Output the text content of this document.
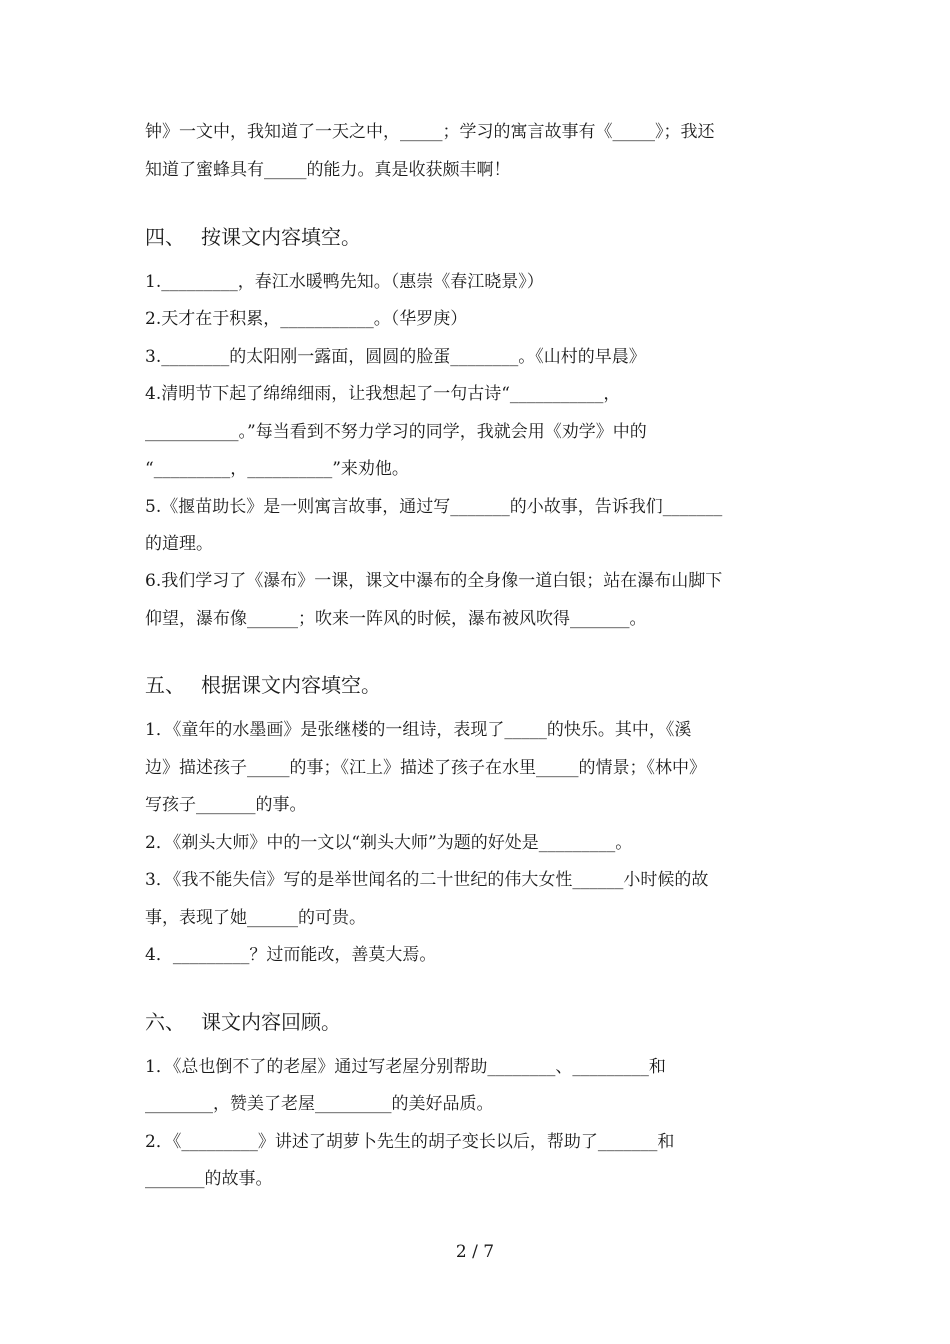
钟》一文中，我知道了一天之中，_____；学习的寓言故事有《_____》；我还
知道了蜜蜂具有_____的能力。真是收获颇丰啊！
四、 按课文内容填空。
1._________，春江水暖鸭先知。（惠崇《春江晓景》）
2.天才在于积累，___________。（华罗庚）
3.________的太阳刚一露面，圆圆的脸蛋________。《山村的早晨》
4.清明节下起了绵绵细雨，让我想起了一句古诗“___________，
___________。”每当看到不努力学习的同学，我就会用《劝学》中的
“_________，__________”来劝他。
5.《揠苗助长》是一则寓言故事，通过写_______的小故事，告诉我们_______
的道理。
6.我们学习了《瀑布》一课，课文中瀑布的全身像一道白银；站在瀑布山脚下
仰望，瀑布像______；吹来一阵风的时候，瀑布被风吹得_______。
五、 根据课文内容填空。
1．《童年的水墨画》是张继楼的一组诗，表现了_____的快乐。其中，《溪
边》描述孩子_____的事；《江上》描述了孩子在水里_____的情景；《林中》
写孩子_______的事。
2．《剃头大师》中的一文以“剃头大师”为题的好处是_________。
3．《我不能失信》写的是举世闻名的二十世纪的伟大女性______小时候的故
事，表现了她______的可贵。
4．_________？过而能改，善莫大焉。
六、 课文内容回顾。
1．《总也倒不了的老屋》通过写老屋分别帮助________、_________和
________，赞美了老屋_________的美好品质。
2．《_________》讲述了胡萝卜先生的胡子变长以后，帮助了_______和
_______的故事。
2 / 7
